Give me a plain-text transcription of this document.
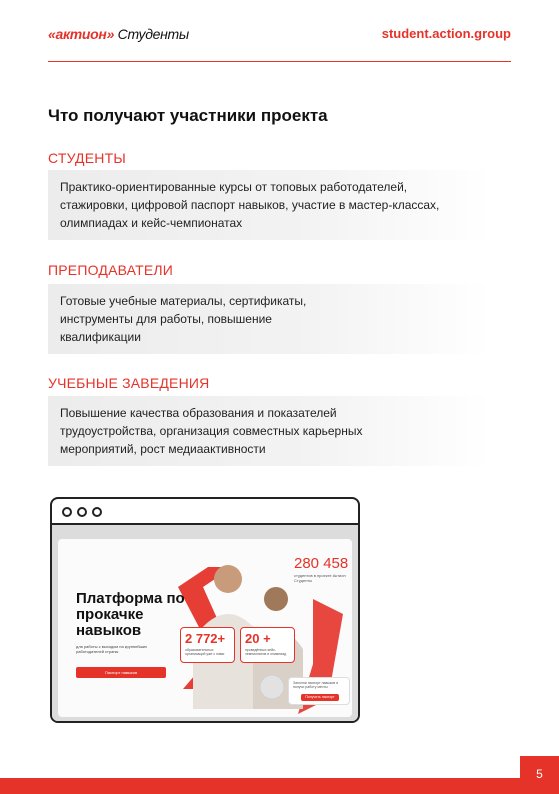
«актион» Студенты	student.action.group
Что получают участники проекта
СТУДЕНТЫ
Практико-ориентированные курсы от топовых работодателей,
стажировки, цифровой паспорт навыков, участие в мастер-классах,
олимпиадах и кейс-чемпионатах
ПРЕПОДАВАТЕЛИ
Готовые учебные материалы, сертификаты,
инструменты для работы, повышение
квалификации
УЧЕБНЫЕ ЗАВЕДЕНИЯ
Повышение качества образования и показателей
трудоустройства, организация совместных карьерных
мероприятий, рост медиаактивности
Платформа по прокачке навыков
для работы с выходом на крупнейших работодателей страны
Паспорт навыков
280 458
студентов в проекте Актион Студенты
2 772+
образовательных организаций уже с нами
20 +
проведённых кейс-чемпионатов и олимпиад
Заполни паспорт навыков и получи работу мечты
Получить паспорт
5
